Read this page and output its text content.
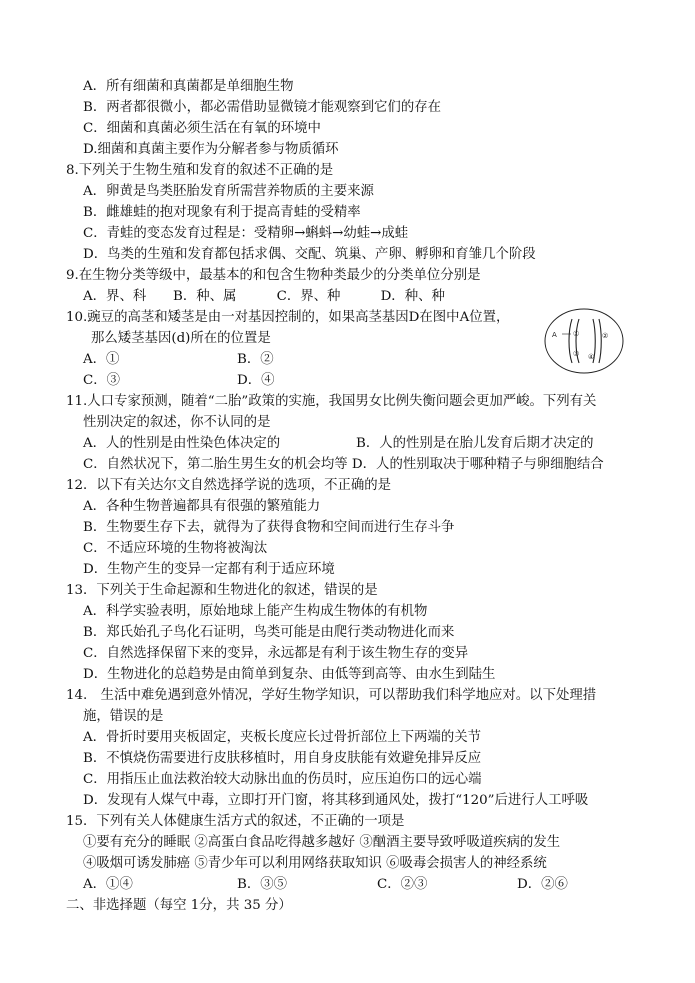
A．所有细菌和真菌都是单细胞生物
B．两者都很微小，都必需借助显微镜才能观察到它们的存在
C．细菌和真菌必须生活在有氧的环境中
D.细菌和真菌主要作为分解者参与物质循环
8.下列关于生物生殖和发育的叙述不正确的是
A．卵黄是鸟类胚胎发育所需营养物质的主要来源
B．雌雄蛙的抱对现象有利于提高青蛙的受精率
C．青蛙的变态发育过程是：受精卵→蝌蚪→幼蛙→成蛙
D．鸟类的生殖和发育都包括求偶、交配、筑巢、产卵、孵卵和育雏几个阶段
9.在生物分类等级中，最基本的和包含生物种类最少的分类单位分别是
A．界、科　　B．种、属　　　C．界、种　　　D．种、种
10.豌豆的高茎和矮茎是由一对基因控制的，如果高茎基因D在图中A位置，
那么矮茎基因(d)所在的位置是
A．①	B．②
C．③	D．④
A ①
③
②
④
11.人口专家预测，随着“二胎”政策的实施，我国男女比例失衡问题会更加严峻。下列有关
性别决定的叙述，你不认同的是
A．人的性别是由性染色体决定的	B．人的性别是在胎儿发育后期才决定的
C．自然状况下，第二胎生男生女的机会均等 D．人的性别取决于哪种精子与卵细胞结合
12．以下有关达尔文自然选择学说的选项，不正确的是
A．各种生物普遍都具有很强的繁殖能力
B．生物要生存下去，就得为了获得食物和空间而进行生存斗争
C．不适应环境的生物将被淘汰
D．生物产生的变异一定都有利于适应环境
13．下列关于生命起源和生物进化的叙述，错误的是
A．科学实验表明，原始地球上能产生构成生物体的有机物
B．郑氏始孔子鸟化石证明，鸟类可能是由爬行类动物进化而来
C．自然选择保留下来的变异，永远都是有利于该生物生存的变异
D．生物进化的总趋势是由简单到复杂、由低等到高等、由水生到陆生
14.　生活中难免遇到意外情况，学好生物学知识，可以帮助我们科学地应对。以下处理措
施，错误的是
A．骨折时要用夹板固定，夹板长度应长过骨折部位上下两端的关节
B．不慎烧伤需要进行皮肤移植时，用自身皮肤能有效避免排异反应
C．用指压止血法救治较大动脉出血的伤员时，应压迫伤口的远心端
D．发现有人煤气中毒，立即打开门窗，将其移到通风处，拨打“120”后进行人工呼吸
15．下列有关人体健康生活方式的叙述，不正确的一项是
①要有充分的睡眠 ②高蛋白食品吃得越多越好 ③酗酒主要导致呼吸道疾病的发生
④吸烟可诱发肺癌 ⑤青少年可以利用网络获取知识 ⑥吸毒会损害人的神经系统
A．①④	B．③⑤	C．②③	D．②⑥
二、非选择题（每空 1分，共 35 分）
